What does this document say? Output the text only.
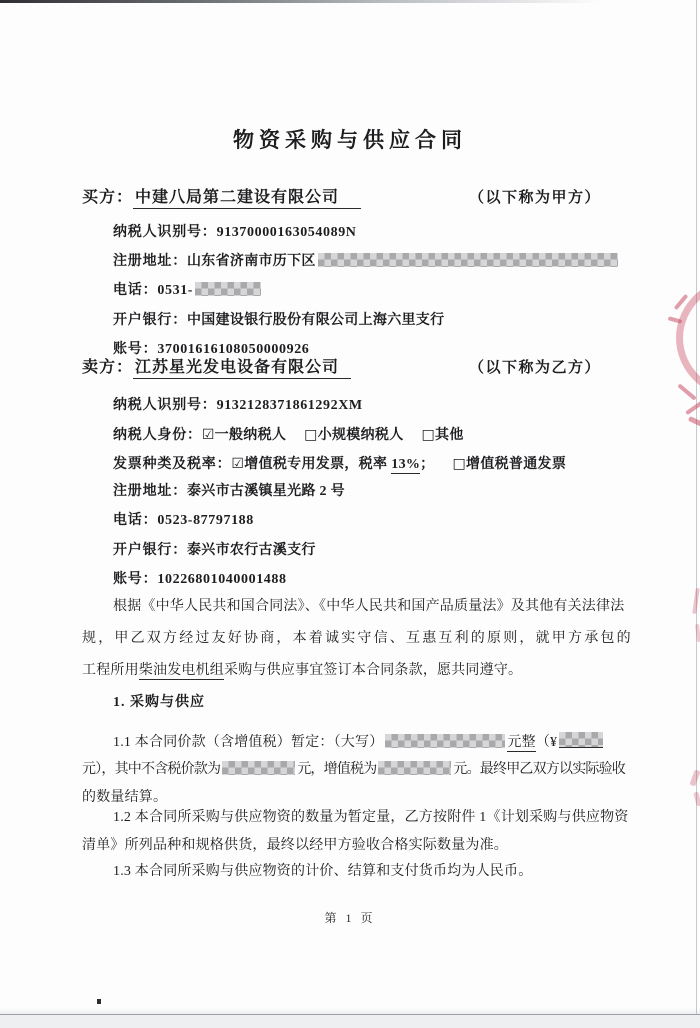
物资采购与供应合同
买方： 中建八局第二建设有限公司	（以下称为甲方）
纳税人识别号：91370000163054089N
注册地址：山东省济南市历下区
电话：0531-
开户银行：中国建设银行股份有限公司上海六里支行
账号：37001616108050000926
卖方： 江苏星光发电设备有限公司	（以下称为乙方）
纳税人识别号：9132128371861292XM
纳税人身份：☑一般纳税人 □小规模纳税人 □其他
发票种类及税率：☑增值税专用发票，税率 13%； □增值税普通发票
注册地址：泰兴市古溪镇星光路 2 号
电话：0523-87797188
开户银行：泰兴市农行古溪支行
账号：10226801040001488
根据《中华人民共和国合同法》、《中华人民共和国产品质量法》及其他有关法律法
规，甲乙双方经过友好协商，本着诚实守信、互惠互利的原则，就甲方承包的
工程所用柴油发电机组采购与供应事宜签订本合同条款，愿共同遵守。
1. 采购与供应
1.1 本合同价款（含增值税）暂定：（大写）	元整（¥
元），其中不含税价款为	元，增值税为	元。最终甲乙双方以实际验收
的数量结算。
1.2 本合同所采购与供应物资的数量为暂定量，乙方按附件 1《计划采购与供应物资
清单》所列品种和规格供货，最终以经甲方验收合格实际数量为准。
1.3 本合同所采购与供应物资的计价、结算和支付货币均为人民币。
第 1 页
